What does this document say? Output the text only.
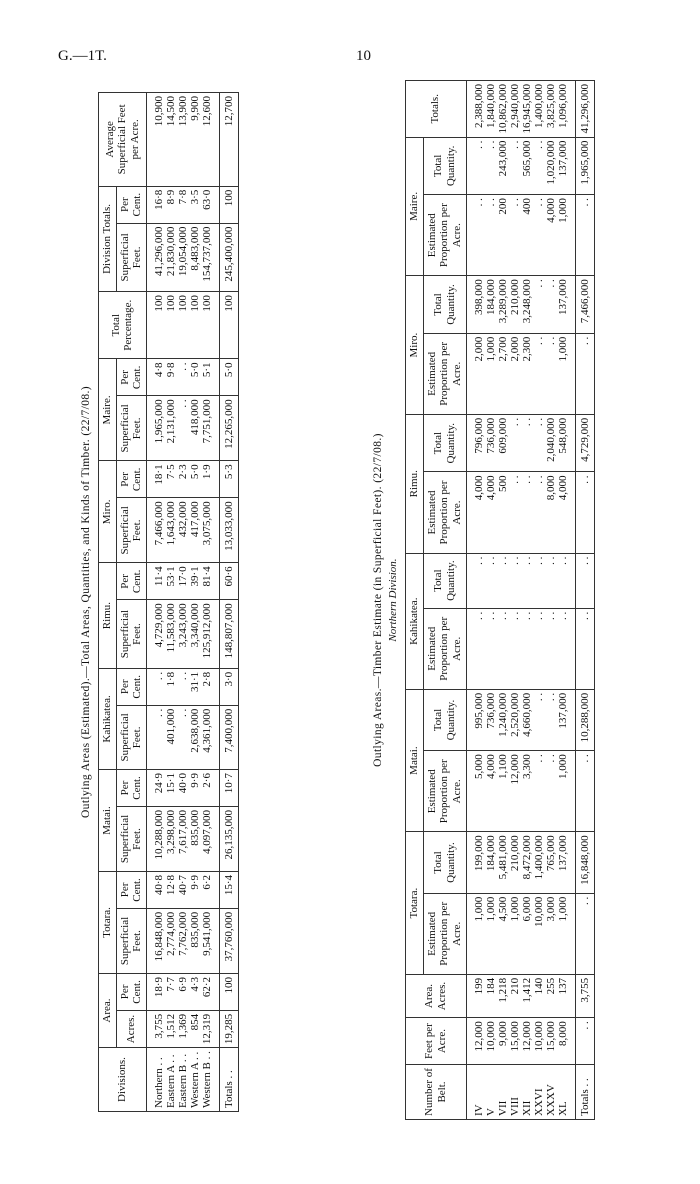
G.—1T.	10
Outlying Areas (Estimated).—Total Areas, Quantities, and Kinds of Timber. (22/7/08.)
Divisions.	Area.		Totara.		Matai.		Kahikatea.		Rimu.		Miro.		Maire.		Total Percentage.	Division Totals.		Average Superficial Feet per Acre.
	Acres.	Per Cent.	Superficial Feet.	Per Cent.	Superficial Feet.	Per Cent.	Superficial Feet.	Per Cent.	Superficial Feet.	Per Cent.	Superficial Feet.	Per Cent.	Superficial Feet.	Per Cent.		Superficial Feet.	Per Cent.	

Northern . .	3,755	18·9	16,848,000	40·8	10,288,000	24·9	. .	. .	4,729,000	11·4	7,466,000	18·1	1,965,000	4·8	100	41,296,000	16·8	10,900
Eastern A . .	1,512	7·7	2,774,000	12·8	3,298,000	15·1	401,000	1·8	11,583,000	53·1	1,643,000	7·5	2,131,000	9·8	100	21,830,000	8·9	14,500
Eastern B . .	1,369	6·9	7,762,000	40·7	7,617,000	40·0	. .	. .	3,243,000	17·0	432,000	2·3	. .	. .	100	19,054,000	7·8	13,900
Western A . .	854	4·3	835,000	9·9	835,000	9·9	2,638,000	31·1	3,340,000	39·1	417,000	5·0	418,000	5·0	100	8,483,000	3·5	9,900
Western B . .	12,319	62·2	9,541,000	6·2	4,097,000	2·6	4,361,000	2·8	125,912,000	81·4	3,075,000	1·9	7,751,000	5·1	100	154,737,000	63·0	12,600

Totals . .	19,285	100	37,760,000	15·4	26,135,000	10·7	7,400,000	3·0	148,807,000	60·6	13,033,000	5·3	12,265,000	5·0	100	245,400,000	100	12,700
Outlying Areas.—Timber Estimate (in Superficial Feet). (22/7/08.) Northern Division.
Number of Belt.	Feet per Acre.	Area. Acres.	Totara.		Matai.		Kahikatea.		Rimu.		Miro.		Maire.		Totals.
			Estimated Proportion per Acre.	Total Quantity.	Estimated Proportion per Acre.	Total Quantity.	Estimated Proportion per Acre.	Total Quantity.	Estimated Proportion per Acre.	Total Quantity.	Estimated Proportion per Acre.	Total Quantity.	Estimated Proportion per Acre.	Total Quantity.	

IV	12,000	199	1,000	199,000	5,000	995,000	. .	. .	4,000	796,000	2,000	398,000	. .	. .	2,388,000
V	10,000	184	1,000	184,000	4,000	736,000	. .	. .	4,000	736,000	1,000	184,000	. .	. .	1,840,000
VII	9,000	1,218	4,500	5,481,000	1,100	1,240,000	. .	. .	500	609,000	2,700	3,289,000	200	243,000	10,862,000
VIII	15,000	210	1,000	210,000	12,000	2,520,000	. .	. .	. .	. .	2,000	210,000	. .	. .	2,940,000
XII	12,000	1,412	6,000	8,472,000	3,300	4,660,000	. .	. .	. .	. .	2,300	3,248,000	400	565,000	16,945,000
XXVI	10,000	140	10,000	1,400,000	. .	. .	. .	. .	. .	. .	. .	. .	. .	. .	1,400,000
XXXV	15,000	255	3,000	765,000	. .	. .	. .	. .	8,000	2,040,000	. .	. .	4,000	1,020,000	3,825,000
XL	8,000	137	1,000	137,000	1,000	137,000	. .	. .	4,000	548,000	1,000	137,000	1,000	137,000	1,096,000

Totals . .	. .	3,755	. .	16,848,000	. .	10,288,000	. .	. .	. .	4,729,000	. .	7,466,000	. .	1,965,000	41,296,000
